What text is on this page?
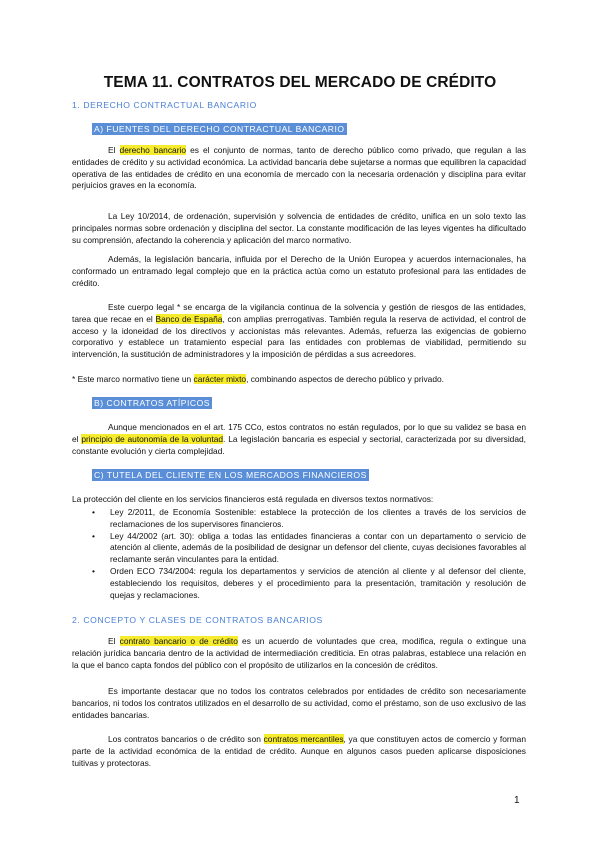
TEMA 11. CONTRATOS DEL MERCADO DE CRÉDITO
1. DERECHO CONTRACTUAL BANCARIO
A) FUENTES DEL DERECHO CONTRACTUAL BANCARIO

El derecho bancario es el conjunto de normas, tanto de derecho público como privado, que regulan a las entidades de crédito y su actividad económica. La actividad bancaria debe sujetarse a normas que equilibren la capacidad operativa de las entidades de crédito en una economía de mercado con la necesaria ordenación y disciplina para evitar perjuicios graves en la economía.

La Ley 10/2014, de ordenación, supervisión y solvencia de entidades de crédito, unifica en un solo texto las principales normas sobre ordenación y disciplina del sector. La constante modificación de las leyes vigentes ha dificultado su comprensión, afectando la coherencia y aplicación del marco normativo.

Además, la legislación bancaria, influida por el Derecho de la Unión Europea y acuerdos internacionales, ha conformado un entramado legal complejo que en la práctica actúa como un estatuto profesional para las entidades de crédito.

Este cuerpo legal * se encarga de la vigilancia continua de la solvencia y gestión de riesgos de las entidades, tarea que recae en el Banco de España, con amplias prerrogativas. También regula la reserva de actividad, el control de acceso y la idoneidad de los directivos y accionistas más relevantes. Además, refuerza las exigencias de gobierno corporativo y establece un tratamiento especial para las entidades con problemas de viabilidad, permitiendo su intervención, la sustitución de administradores y la imposición de pérdidas a sus acreedores.

* Este marco normativo tiene un carácter mixto, combinando aspectos de derecho público y privado.

B) CONTRATOS ATÍPICOS

Aunque mencionados en el art. 175 CCo, estos contratos no están regulados, por lo que su validez se basa en el principio de autonomía de la voluntad. La legislación bancaria es especial y sectorial, caracterizada por su diversidad, constante evolución y cierta complejidad.

C) TUTELA DEL CLIENTE EN LOS MERCADOS FINANCIEROS

La protección del cliente en los servicios financieros está regulada en diversos textos normativos:

• Ley 2/2011, de Economía Sostenible: establece la protección de los clientes a través de los servicios de reclamaciones de los supervisores financieros.
• Ley 44/2002 (art. 30): obliga a todas las entidades financieras a contar con un departamento o servicio de atención al cliente, además de la posibilidad de designar un defensor del cliente, cuyas decisiones favorables al reclamante serán vinculantes para la entidad.
• Orden ECO 734/2004: regula los departamentos y servicios de atención al cliente y al defensor del cliente, estableciendo los requisitos, deberes y el procedimiento para la presentación, tramitación y resolución de quejas y reclamaciones.
2. CONCEPTO Y CLASES DE CONTRATOS BANCARIOS

El contrato bancario o de crédito es un acuerdo de voluntades que crea, modifica, regula o extingue una relación jurídica bancaria dentro de la actividad de intermediación crediticia. En otras palabras, establece una relación en la que el banco capta fondos del público con el propósito de utilizarlos en la concesión de créditos.

Es importante destacar que no todos los contratos celebrados por entidades de crédito son necesariamente bancarios, ni todos los contratos utilizados en el desarrollo de su actividad, como el préstamo, son de uso exclusivo de las entidades bancarias.

Los contratos bancarios o de crédito son contratos mercantiles, ya que constituyen actos de comercio y forman parte de la actividad económica de la entidad de crédito. Aunque en algunos casos pueden aplicarse disposiciones tuitivas y protectoras.

1
